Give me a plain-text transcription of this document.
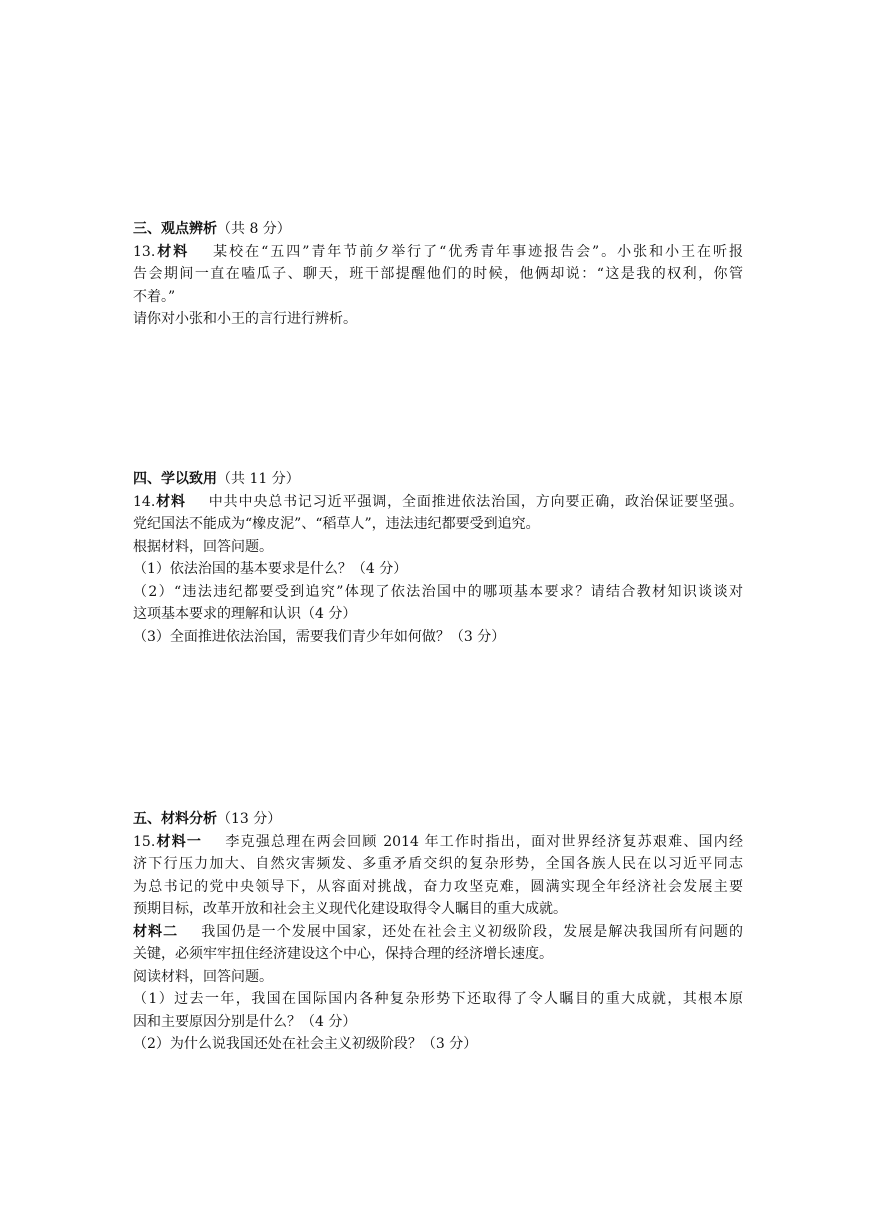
三、观点辨析（共 8 分）
13.材料 某校在“五四”青年节前夕举行了“优秀青年事迹报告会”。小张和小王在听报
告会期间一直在嗑瓜子、聊天，班干部提醒他们的时候，他俩却说：“这是我的权利，你管
不着。”
请你对小张和小王的言行进行辨析。
四、学以致用（共 11 分）
14.材料 中共中央总书记习近平强调，全面推进依法治国，方向要正确，政治保证要坚强。
党纪国法不能成为“橡皮泥”、“稻草人”，违法违纪都要受到追究。
根据材料，回答问题。
（1）依法治国的基本要求是什么？（4 分）
（2）“违法违纪都要受到追究”体现了依法治国中的哪项基本要求？请结合教材知识谈谈对
这项基本要求的理解和认识（4 分）
（3）全面推进依法治国，需要我们青少年如何做？（3 分）
五、材料分析（13 分）
15.材料一 李克强总理在两会回顾 2014 年工作时指出，面对世界经济复苏艰难、国内经
济下行压力加大、自然灾害频发、多重矛盾交织的复杂形势，全国各族人民在以习近平同志
为总书记的党中央领导下，从容面对挑战，奋力攻坚克难，圆满实现全年经济社会发展主要
预期目标，改革开放和社会主义现代化建设取得令人瞩目的重大成就。
材料二 我国仍是一个发展中国家，还处在社会主义初级阶段，发展是解决我国所有问题的
关键，必须牢牢扭住经济建设这个中心，保持合理的经济增长速度。
阅读材料，回答问题。
（1）过去一年，我国在国际国内各种复杂形势下还取得了令人瞩目的重大成就，其根本原
因和主要原因分别是什么？（4 分）
（2）为什么说我国还处在社会主义初级阶段？（3 分）
